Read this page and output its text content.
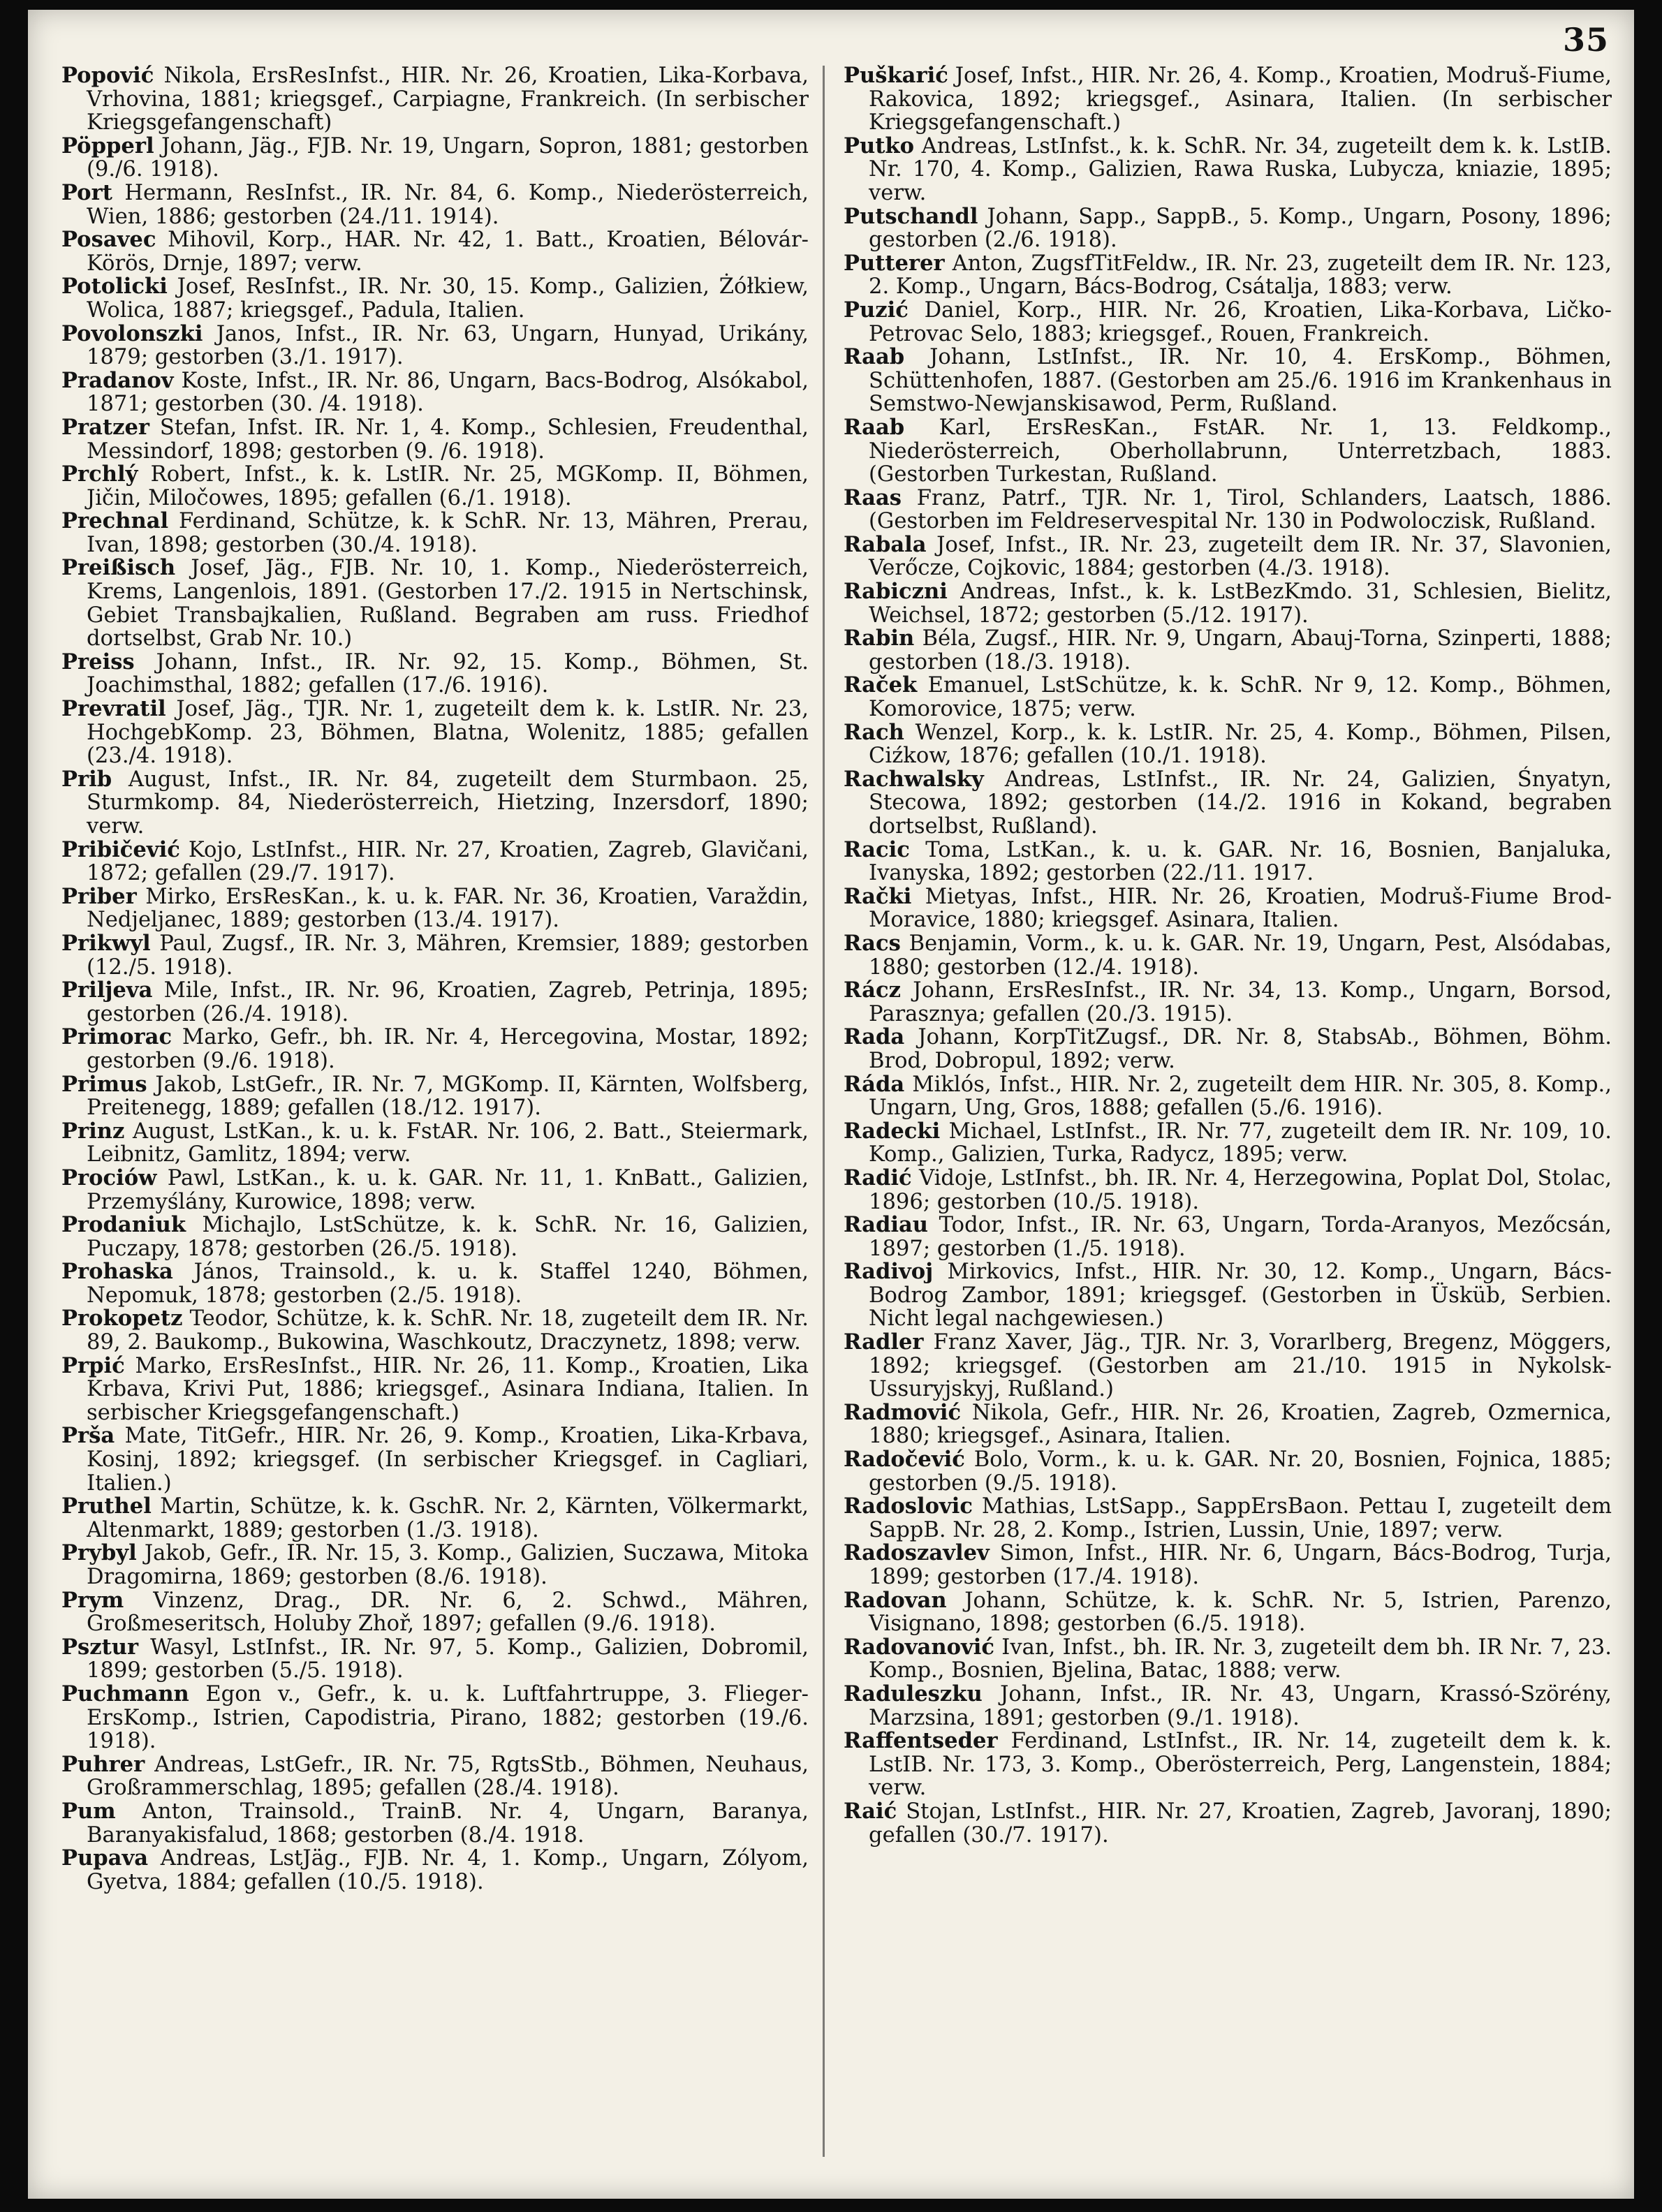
35

Popović Nikola, ErsResInfst., HIR. Nr. 26, Kroatien, Lika-Korbava, Vrhovina, 1881; kriegsgef., Carpiagne, Frankreich. (In serbischer Kriegsgefangenschaft)

Pöpperl Johann, Jäg., FJB. Nr. 19, Ungarn, Sopron, 1881; gestorben (9./6. 1918).

Port Hermann, ResInfst., IR. Nr. 84, 6. Komp., Niederösterreich, Wien, 1886; gestorben (24./11. 1914).

Posavec Mihovil, Korp., HAR. Nr. 42, 1. Batt., Kroatien, Bélovár-Körös, Drnje, 1897; verw.

Potolicki Josef, ResInfst., IR. Nr. 30, 15. Komp., Galizien, Żółkiew, Wolica, 1887; kriegsgef., Padula, Italien.

Povolonszki Janos, Infst., IR. Nr. 63, Ungarn, Hunyad, Urikány, 1879; gestorben (3./1. 1917).

Pradanov Koste, Infst., IR. Nr. 86, Ungarn, Bacs-Bodrog, Alsókabol, 1871; gestorben (30. /4. 1918).

Pratzer Stefan, Infst. IR. Nr. 1, 4. Komp., Schlesien, Freudenthal, Messindorf, 1898; gestorben (9. /6. 1918).

Prchlý Robert, Infst., k. k. LstIR. Nr. 25, MGKomp. II, Böhmen, Jičin, Miločowes, 1895; gefallen (6./1. 1918).

Prechnal Ferdinand, Schütze, k. k SchR. Nr. 13, Mähren, Prerau, Ivan, 1898; gestorben (30./4. 1918).

Preißisch Josef, Jäg., FJB. Nr. 10, 1. Komp., Niederösterreich, Krems, Langenlois, 1891. (Gestorben 17./2. 1915 in Nertschinsk, Gebiet Transbajkalien, Rußland. Begraben am russ. Friedhof dortselbst, Grab Nr. 10.)

Preiss Johann, Infst., IR. Nr. 92, 15. Komp., Böhmen, St. Joachimsthal, 1882; gefallen (17./6. 1916).

Prevratil Josef, Jäg., TJR. Nr. 1, zugeteilt dem k. k. LstIR. Nr. 23, HochgebKomp. 23, Böhmen, Blatna, Wolenitz, 1885; gefallen (23./4. 1918).

Prib August, Infst., IR. Nr. 84, zugeteilt dem Sturmbaon. 25, Sturmkomp. 84, Niederösterreich, Hietzing, Inzersdorf, 1890; verw.

Pribičević Kojo, LstInfst., HIR. Nr. 27, Kroatien, Zagreb, Glavičani, 1872; gefallen (29./7. 1917).

Priber Mirko, ErsResKan., k. u. k. FAR. Nr. 36, Kroatien, Varaždin, Nedjeljanec, 1889; gestorben (13./4. 1917).

Prikwyl Paul, Zugsf., IR. Nr. 3, Mähren, Kremsier, 1889; gestorben (12./5. 1918).

Priljeva Mile, Infst., IR. Nr. 96, Kroatien, Zagreb, Petrinja, 1895; gestorben (26./4. 1918).

Primorac Marko, Gefr., bh. IR. Nr. 4, Hercegovina, Mostar, 1892; gestorben (9./6. 1918).

Primus Jakob, LstGefr., IR. Nr. 7, MGKomp. II, Kärnten, Wolfsberg, Preitenegg, 1889; gefallen (18./12. 1917).

Prinz August, LstKan., k. u. k. FstAR. Nr. 106, 2. Batt., Steiermark, Leibnitz, Gamlitz, 1894; verw.

Prociów Pawl, LstKan., k. u. k. GAR. Nr. 11, 1. KnBatt., Galizien, Przemyślány, Kurowice, 1898; verw.

Prodaniuk Michajlo, LstSchütze, k. k. SchR. Nr. 16, Galizien, Puczapy, 1878; gestorben (26./5. 1918).

Prohaska János, Trainsold., k. u. k. Staffel 1240, Böhmen, Nepomuk, 1878; gestorben (2./5. 1918).

Prokopetz Teodor, Schütze, k. k. SchR. Nr. 18, zugeteilt dem IR. Nr. 89, 2. Baukomp., Bukowina, Waschkoutz, Draczynetz, 1898; verw.

Prpić Marko, ErsResInfst., HIR. Nr. 26, 11. Komp., Kroatien, Lika Krbava, Krivi Put, 1886; kriegsgef., Asinara Indiana, Italien. In serbischer Kriegsgefangenschaft.)

Prša Mate, TitGefr., HIR. Nr. 26, 9. Komp., Kroatien, Lika-Krbava, Kosinj, 1892; kriegsgef. (In serbischer Kriegsgef. in Cagliari, Italien.)

Pruthel Martin, Schütze, k. k. GschR. Nr. 2, Kärnten, Völkermarkt, Altenmarkt, 1889; gestorben (1./3. 1918).

Prybyl Jakob, Gefr., IR. Nr. 15, 3. Komp., Galizien, Suczawa, Mitoka Dragomirna, 1869; gestorben (8./6. 1918).

Prym Vinzenz, Drag., DR. Nr. 6, 2. Schwd., Mähren, Großmeseritsch, Holuby Zhoř, 1897; gefallen (9./6. 1918).

Psztur Wasyl, LstInfst., IR. Nr. 97, 5. Komp., Galizien, Dobromil, 1899; gestorben (5./5. 1918).

Puchmann Egon v., Gefr., k. u. k. Luftfahrtruppe, 3. Flieger-ErsKomp., Istrien, Capodistria, Pirano, 1882; gestorben (19./6. 1918).

Puhrer Andreas, LstGefr., IR. Nr. 75, RgtsStb., Böhmen, Neuhaus, Großrammerschlag, 1895; gefallen (28./4. 1918).

Pum Anton, Trainsold., TrainB. Nr. 4, Ungarn, Baranya, Baranyakisfalud, 1868; gestorben (8./4. 1918.

Pupava Andreas, LstJäg., FJB. Nr. 4, 1. Komp., Ungarn, Zólyom, Gyetva, 1884; gefallen (10./5. 1918).

Puškarić Josef, Infst., HIR. Nr. 26, 4. Komp., Kroatien, Modruš-Fiume, Rakovica, 1892; kriegsgef., Asinara, Italien. (In serbischer Kriegsgefangenschaft.)

Putko Andreas, LstInfst., k. k. SchR. Nr. 34, zugeteilt dem k. k. LstIB. Nr. 170, 4. Komp., Galizien, Rawa Ruska, Lubycza, kniazie, 1895; verw.

Putschandl Johann, Sapp., SappB., 5. Komp., Ungarn, Posony, 1896; gestorben (2./6. 1918).

Putterer Anton, ZugsfTitFeldw., IR. Nr. 23, zugeteilt dem IR. Nr. 123, 2. Komp., Ungarn, Bács-Bodrog, Csátalja, 1883; verw.

Puzić Daniel, Korp., HIR. Nr. 26, Kroatien, Lika-Korbava, Ličko-Petrovac Selo, 1883; kriegsgef., Rouen, Frankreich.

Raab Johann, LstInfst., IR. Nr. 10, 4. ErsKomp., Böhmen, Schüttenhofen, 1887. (Gestorben am 25./6. 1916 im Krankenhaus in Semstwo-Newjanskisawod, Perm, Rußland.

Raab Karl, ErsResKan., FstAR. Nr. 1, 13. Feldkomp., Niederösterreich, Oberhollabrunn, Unterretzbach, 1883. (Gestorben Turkestan, Rußland.

Raas Franz, Patrf., TJR. Nr. 1, Tirol, Schlanders, Laatsch, 1886. (Gestorben im Feldreservespital Nr. 130 in Podwoloczisk, Rußland.

Rabala Josef, Infst., IR. Nr. 23, zugeteilt dem IR. Nr. 37, Slavonien, Verőcze, Cojkovic, 1884; gestorben (4./3. 1918).

Rabiczni Andreas, Infst., k. k. LstBezKmdo. 31, Schlesien, Bielitz, Weichsel, 1872; gestorben (5./12. 1917).

Rabin Béla, Zugsf., HIR. Nr. 9, Ungarn, Abauj-Torna, Szinperti, 1888; gestorben (18./3. 1918).

Raček Emanuel, LstSchütze, k. k. SchR. Nr 9, 12. Komp., Böhmen, Komorovice, 1875; verw.

Rach Wenzel, Korp., k. k. LstIR. Nr. 25, 4. Komp., Böhmen, Pilsen, Ciźkow, 1876; gefallen (10./1. 1918).

Rachwalsky Andreas, LstInfst., IR. Nr. 24, Galizien, Śnyatyn, Stecowa, 1892; gestorben (14./2. 1916 in Kokand, begraben dortselbst, Rußland).

Racic Toma, LstKan., k. u. k. GAR. Nr. 16, Bosnien, Banjaluka, Ivanyska, 1892; gestorben (22./11. 1917.

Rački Mietyas, Infst., HIR. Nr. 26, Kroatien, Modruš-Fiume Brod-Moravice, 1880; kriegsgef. Asinara, Italien.

Racs Benjamin, Vorm., k. u. k. GAR. Nr. 19, Ungarn, Pest, Alsódabas, 1880; gestorben (12./4. 1918).

Rácz Johann, ErsResInfst., IR. Nr. 34, 13. Komp., Ungarn, Borsod, Parasznya; gefallen (20./3. 1915).

Rada Johann, KorpTitZugsf., DR. Nr. 8, StabsAb., Böhmen, Böhm. Brod, Dobropul, 1892; verw.

Ráda Miklós, Infst., HIR. Nr. 2, zugeteilt dem HIR. Nr. 305, 8. Komp., Ungarn, Ung, Gros, 1888; gefallen (5./6. 1916).

Radecki Michael, LstInfst., IR. Nr. 77, zugeteilt dem IR. Nr. 109, 10. Komp., Galizien, Turka, Radycz, 1895; verw.

Radić Vidoje, LstInfst., bh. IR. Nr. 4, Herzegowina, Poplat Dol, Stolac, 1896; gestorben (10./5. 1918).

Radiau Todor, Infst., IR. Nr. 63, Ungarn, Torda-Aranyos, Mezőcsán, 1897; gestorben (1./5. 1918).

Radivoj Mirkovics, Infst., HIR. Nr. 30, 12. Komp., Ungarn, Bács-Bodrog Zambor, 1891; kriegsgef. (Gestorben in Üsküb, Serbien. Nicht legal nachgewiesen.)

Radler Franz Xaver, Jäg., TJR. Nr. 3, Vorarlberg, Bregenz, Möggers, 1892; kriegsgef. (Gestorben am 21./10. 1915 in Nykolsk-Ussuryjskyj, Rußland.)

Radmović Nikola, Gefr., HIR. Nr. 26, Kroatien, Zagreb, Ozmernica, 1880; kriegsgef., Asinara, Italien.

Radočević Bolo, Vorm., k. u. k. GAR. Nr. 20, Bosnien, Fojnica, 1885; gestorben (9./5. 1918).

Radoslovic Mathias, LstSapp., SappErsBaon. Pettau I, zugeteilt dem SappB. Nr. 28, 2. Komp., Istrien, Lussin, Unie, 1897; verw.

Radoszavlev Simon, Infst., HIR. Nr. 6, Ungarn, Bács-Bodrog, Turja, 1899; gestorben (17./4. 1918).

Radovan Johann, Schütze, k. k. SchR. Nr. 5, Istrien, Parenzo, Visignano, 1898; gestorben (6./5. 1918).

Radovanović Ivan, Infst., bh. IR. Nr. 3, zugeteilt dem bh. IR Nr. 7, 23. Komp., Bosnien, Bjelina, Batac, 1888; verw.

Raduleszku Johann, Infst., IR. Nr. 43, Ungarn, Krassó-Szörény, Marzsina, 1891; gestorben (9./1. 1918).

Raffentseder Ferdinand, LstInfst., IR. Nr. 14, zugeteilt dem k. k. LstIB. Nr. 173, 3. Komp., Oberösterreich, Perg, Langenstein, 1884; verw.

Raić Stojan, LstInfst., HIR. Nr. 27, Kroatien, Zagreb, Javoranj, 1890; gefallen (30./7. 1917).
